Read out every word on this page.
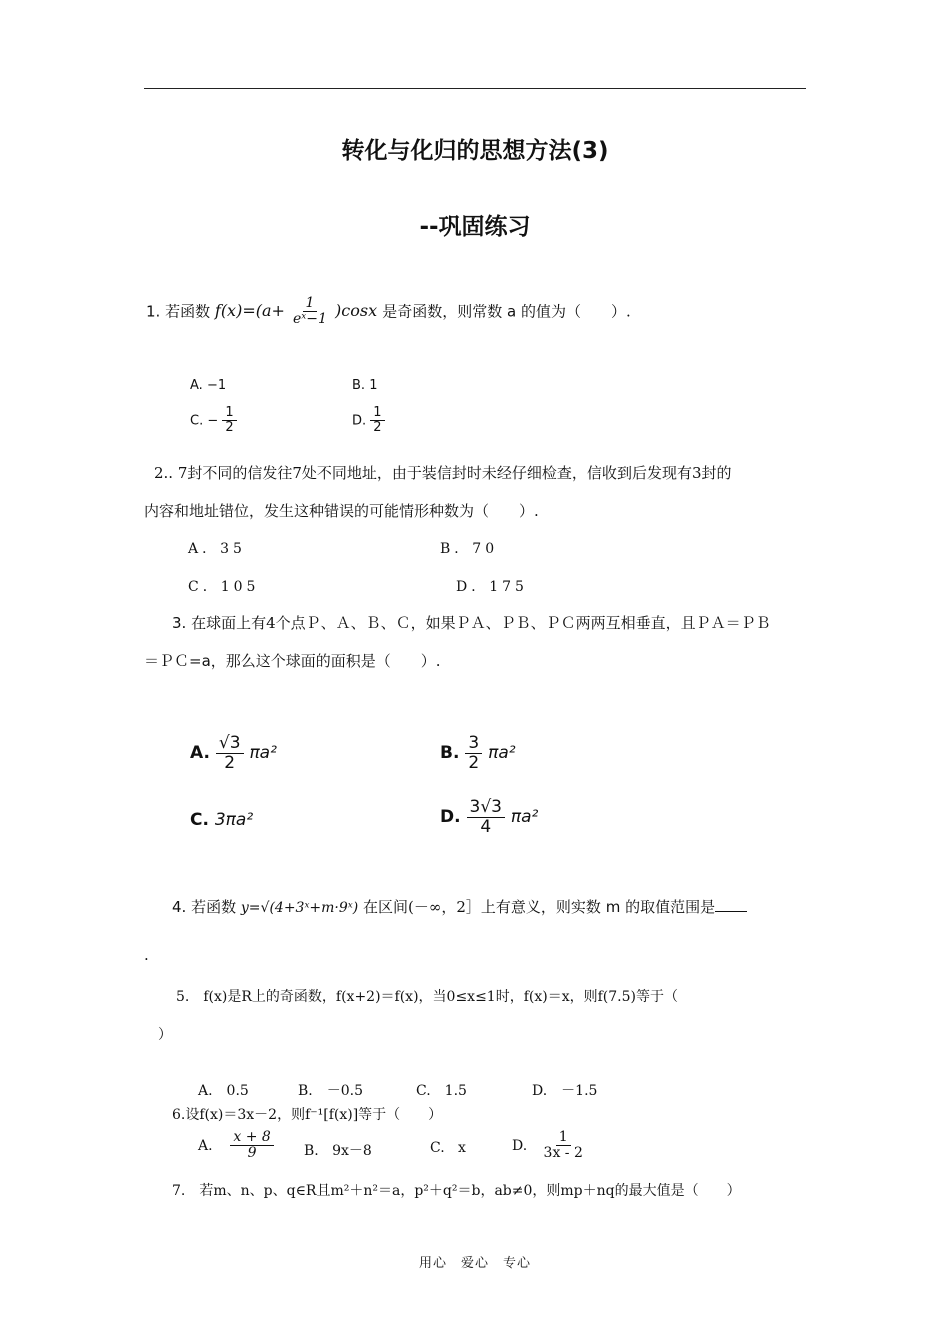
转化与化归的思想方法(3)
--巩固练习
1. 若函数 $f(x)=(a+ \frac{1}{\text{eˣ−1}} )\cos x$ 是奇函数，则常数 a 的值为（　　）.
A. −1	B. 1
C. − $\frac{1}{2}$	D. $\frac{1}{2}$
2.. 7封不同的信发往7处不同地址，由于装信封时未经仔细检查，信收到后发现有3封的
内容和地址错位，发生这种错误的可能情形种数为（　　）.
A．35	B．70
C．105	D．175
3. 在球面上有4个点Ｐ、Ａ、Ｂ、Ｃ，如果ＰＡ、ＰＢ、ＰＣ两两互相垂直，且ＰＡ＝ＰＢ
＝ＰＣ=a，那么这个球面的面积是（　　）.
A. $\frac{√3}{2} \pi a^2$	B. $\frac{3}{2} \pi a^2$
C. 3πa²	D. $\frac{3√3}{4} \pi a^2$
4. 若函数 y=√(4+3ˣ+m·9ˣ) 在区间(－∞，2］上有意义，则实数 m 的取值范围是
.
5.　f(x)是R上的奇函数，f(x+2)＝f(x)，当0≤x≤1时，f(x)＝x，则f(7.5)等于（
）
A.　0.5	B.　－0.5	C.　1.5	D.　－1.5
6.设f(x)＝3x－2，则f⁻¹[f(x)]等于（　　）
A. $\frac{x + 8}{9} B$. 9x－8	C. x	D. $\frac{1}{3x - 2}$
7.　若m、n、p、q∈R且m²＋n²＝a，p²＋q²＝b，ab≠0，则mp＋nq的最大值是（　　）
用心　爱心　专心
